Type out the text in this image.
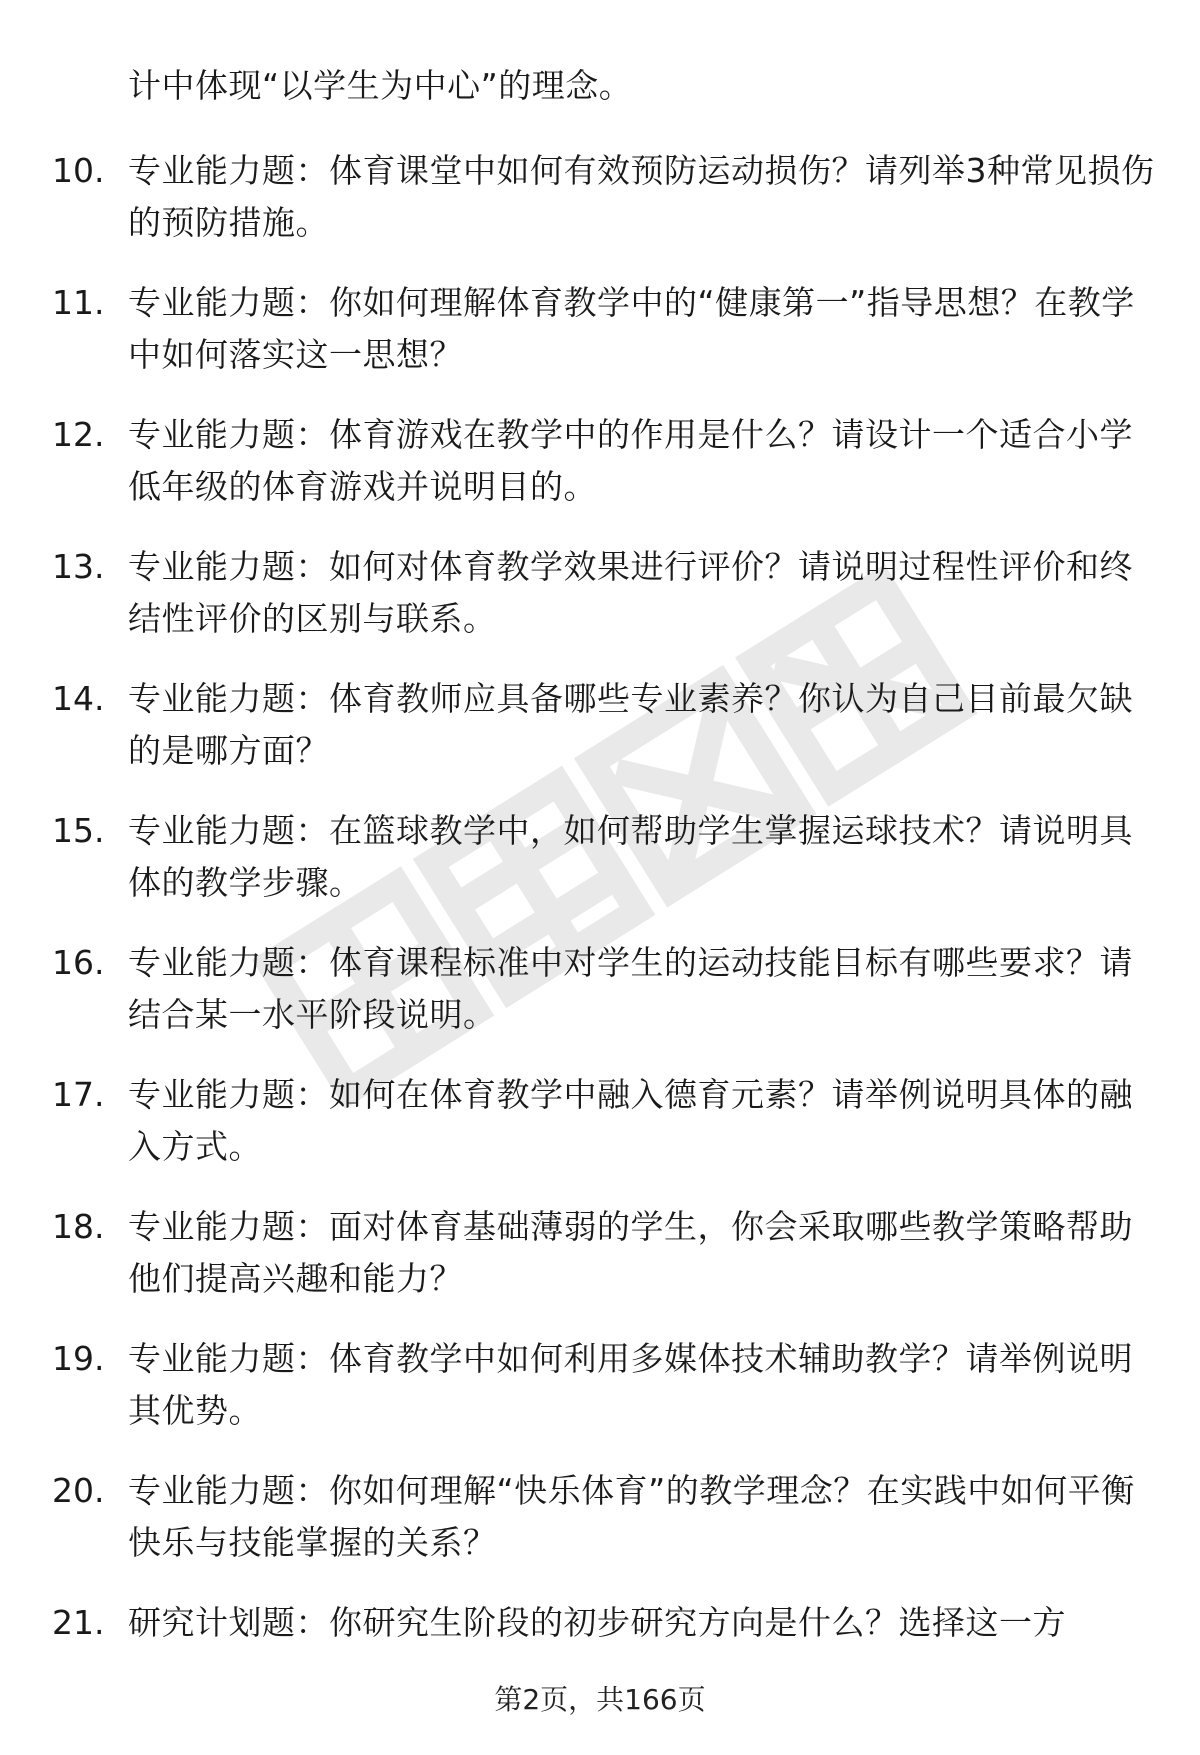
计中体现“以学生为中心”的理念。
10. 专业能力题：体育课堂中如何有效预防运动损伤？请列举3种常见损伤的预防措施。
11. 专业能力题：你如何理解体育教学中的“健康第一”指导思想？在教学中如何落实这一思想？
12. 专业能力题：体育游戏在教学中的作用是什么？请设计一个适合小学低年级的体育游戏并说明目的。
13. 专业能力题：如何对体育教学效果进行评价？请说明过程性评价和终结性评价的区别与联系。
14. 专业能力题：体育教师应具备哪些专业素养？你认为自己目前最欠缺的是哪方面？
15. 专业能力题：在篮球教学中，如何帮助学生掌握运球技术？请说明具体的教学步骤。
16. 专业能力题：体育课程标准中对学生的运动技能目标有哪些要求？请结合某一水平阶段说明。
17. 专业能力题：如何在体育教学中融入德育元素？请举例说明具体的融入方式。
18. 专业能力题：面对体育基础薄弱的学生，你会采取哪些教学策略帮助他们提高兴趣和能力？
19. 专业能力题：体育教学中如何利用多媒体技术辅助教学？请举例说明其优势。
20. 专业能力题：你如何理解“快乐体育”的教学理念？在实践中如何平衡快乐与技能掌握的关系？
21. 研究计划题：你研究生阶段的初步研究方向是什么？选择这一方
第2页，共166页
